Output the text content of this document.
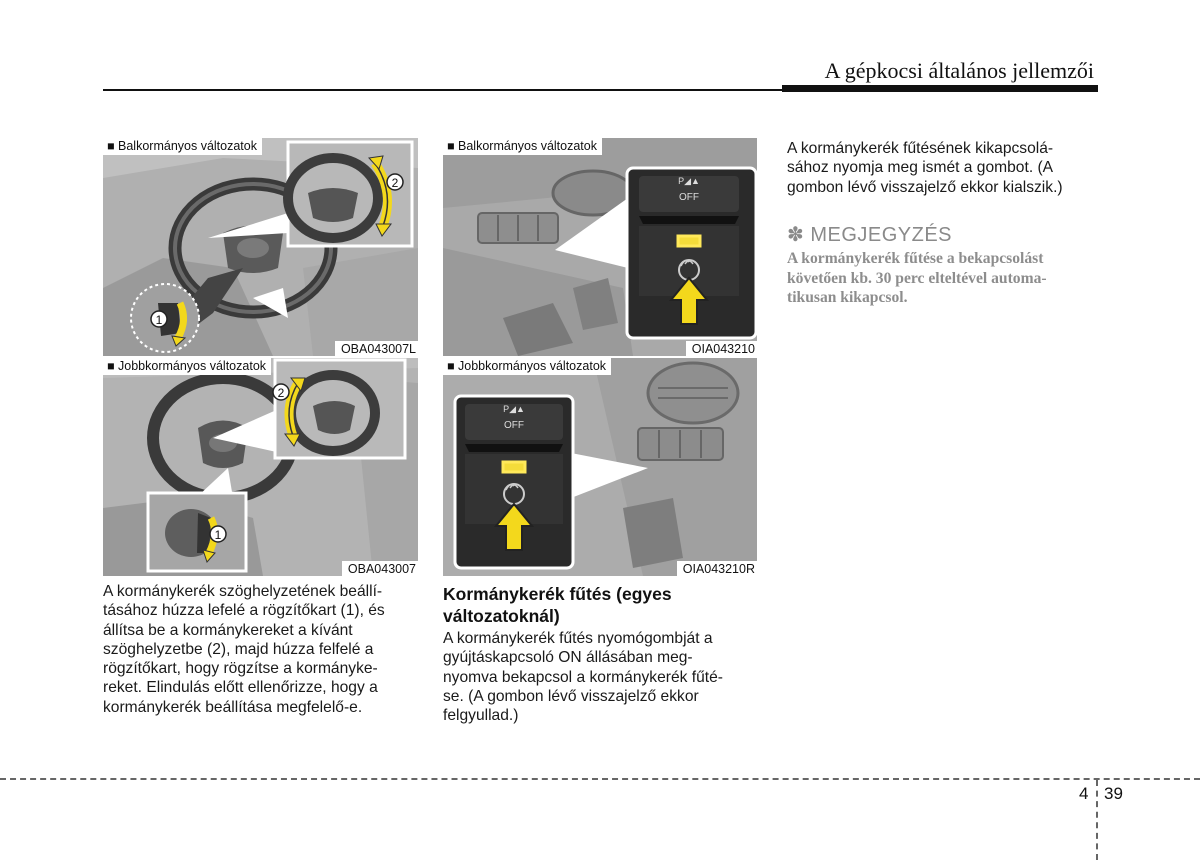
A gépkocsi általános jellemzői
2
1
■ Balkormányos változatok
OBA043007L
2
1
■ Jobbkormányos változatok
OBA043007
P◢▲
OFF
■ Balkormányos változatok
OIA043210
P◢▲
OFF
■ Jobbkormányos változatok
OIA043210R
A kormánykerék szöghelyzetének beállí-
tásához húzza lefelé a rögzítőkart (1), és
állítsa be a kormánykereket a kívánt
szöghelyzetbe (2), majd húzza felfelé a
rögzítőkart, hogy rögzítse a kormányke-
reket. Elindulás előtt ellenőrizze, hogy a
kormánykerék beállítása megfelelő-e.
Kormánykerék fűtés (egyes
változatoknál)
A kormánykerék fűtés nyomógombját a
gyújtáskapcsoló ON állásában meg-
nyomva bekapcsol a kormánykerék fűté-
se. (A gombon lévő visszajelző ekkor
felgyullad.)
A kormánykerék fűtésének kikapcsolá-
sához nyomja meg ismét a gombot. (A
gombon lévő visszajelző ekkor kialszik.)
✽ MEGJEGYZÉS
A kormánykerék fűtése a bekapcsolást
követően kb. 30 perc elteltével automa-
tikusan kikapcsol.
4 39
